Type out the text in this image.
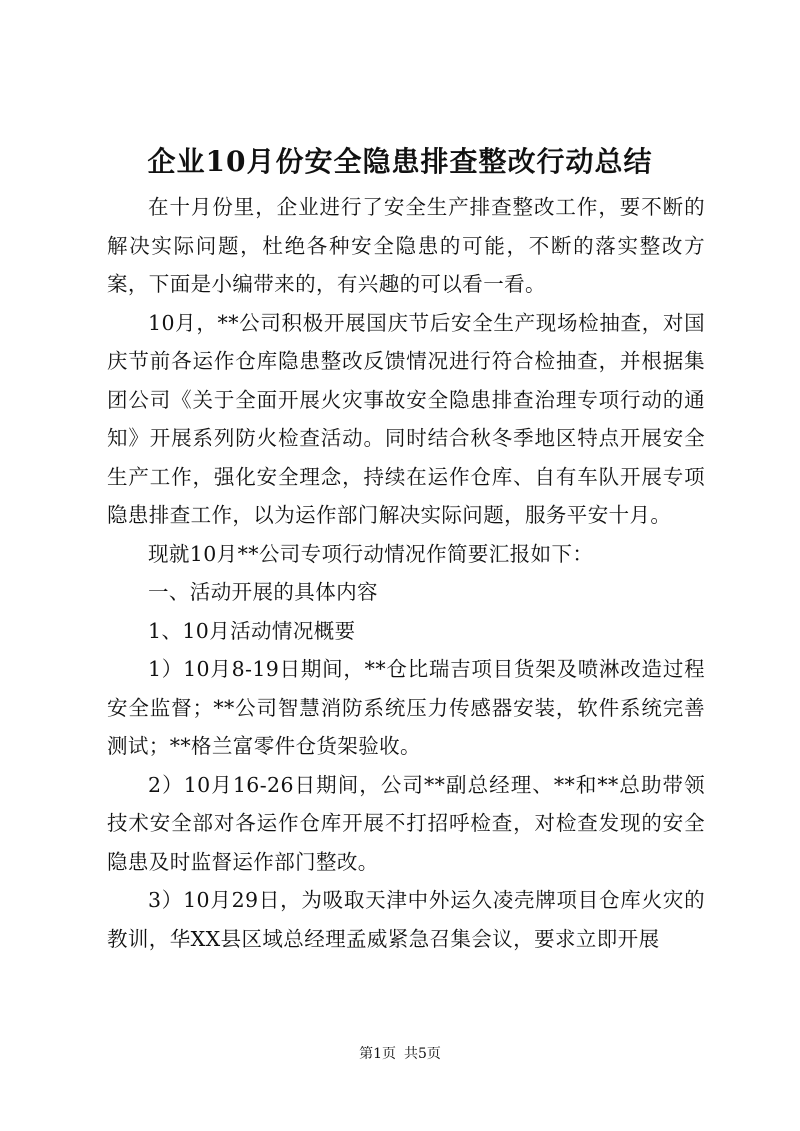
企业10月份安全隐患排查整改行动总结

在十月份里，企业进行了安全生产排查整改工作，要不断的解决实际问题，杜绝各种安全隐患的可能，不断的落实整改方案，下面是小编带来的，有兴趣的可以看一看。

10月，**公司积极开展国庆节后安全生产现场检抽查，对国庆节前各运作仓库隐患整改反馈情况进行符合检抽查，并根据集团公司《关于全面开展火灾事故安全隐患排查治理专项行动的通知》开展系列防火检查活动。同时结合秋冬季地区特点开展安全生产工作，强化安全理念，持续在运作仓库、自有车队开展专项隐患排查工作，以为运作部门解决实际问题，服务平安十月。

现就10月**公司专项行动情况作简要汇报如下：

一、活动开展的具体内容

1、10月活动情况概要

1）10月8-19日期间，**仓比瑞吉项目货架及喷淋改造过程安全监督；**公司智慧消防系统压力传感器安装，软件系统完善测试；**格兰富零件仓货架验收。

2）10月16-26日期间，公司**副总经理、**和**总助带领技术安全部对各运作仓库开展不打招呼检查，对检查发现的安全隐患及时监督运作部门整改。

3）10月29日，为吸取天津中外运久凌壳牌项目仓库火灾的教训，华XX县区域总经理孟威紧急召集会议，要求立即开展

第1页 共5页
